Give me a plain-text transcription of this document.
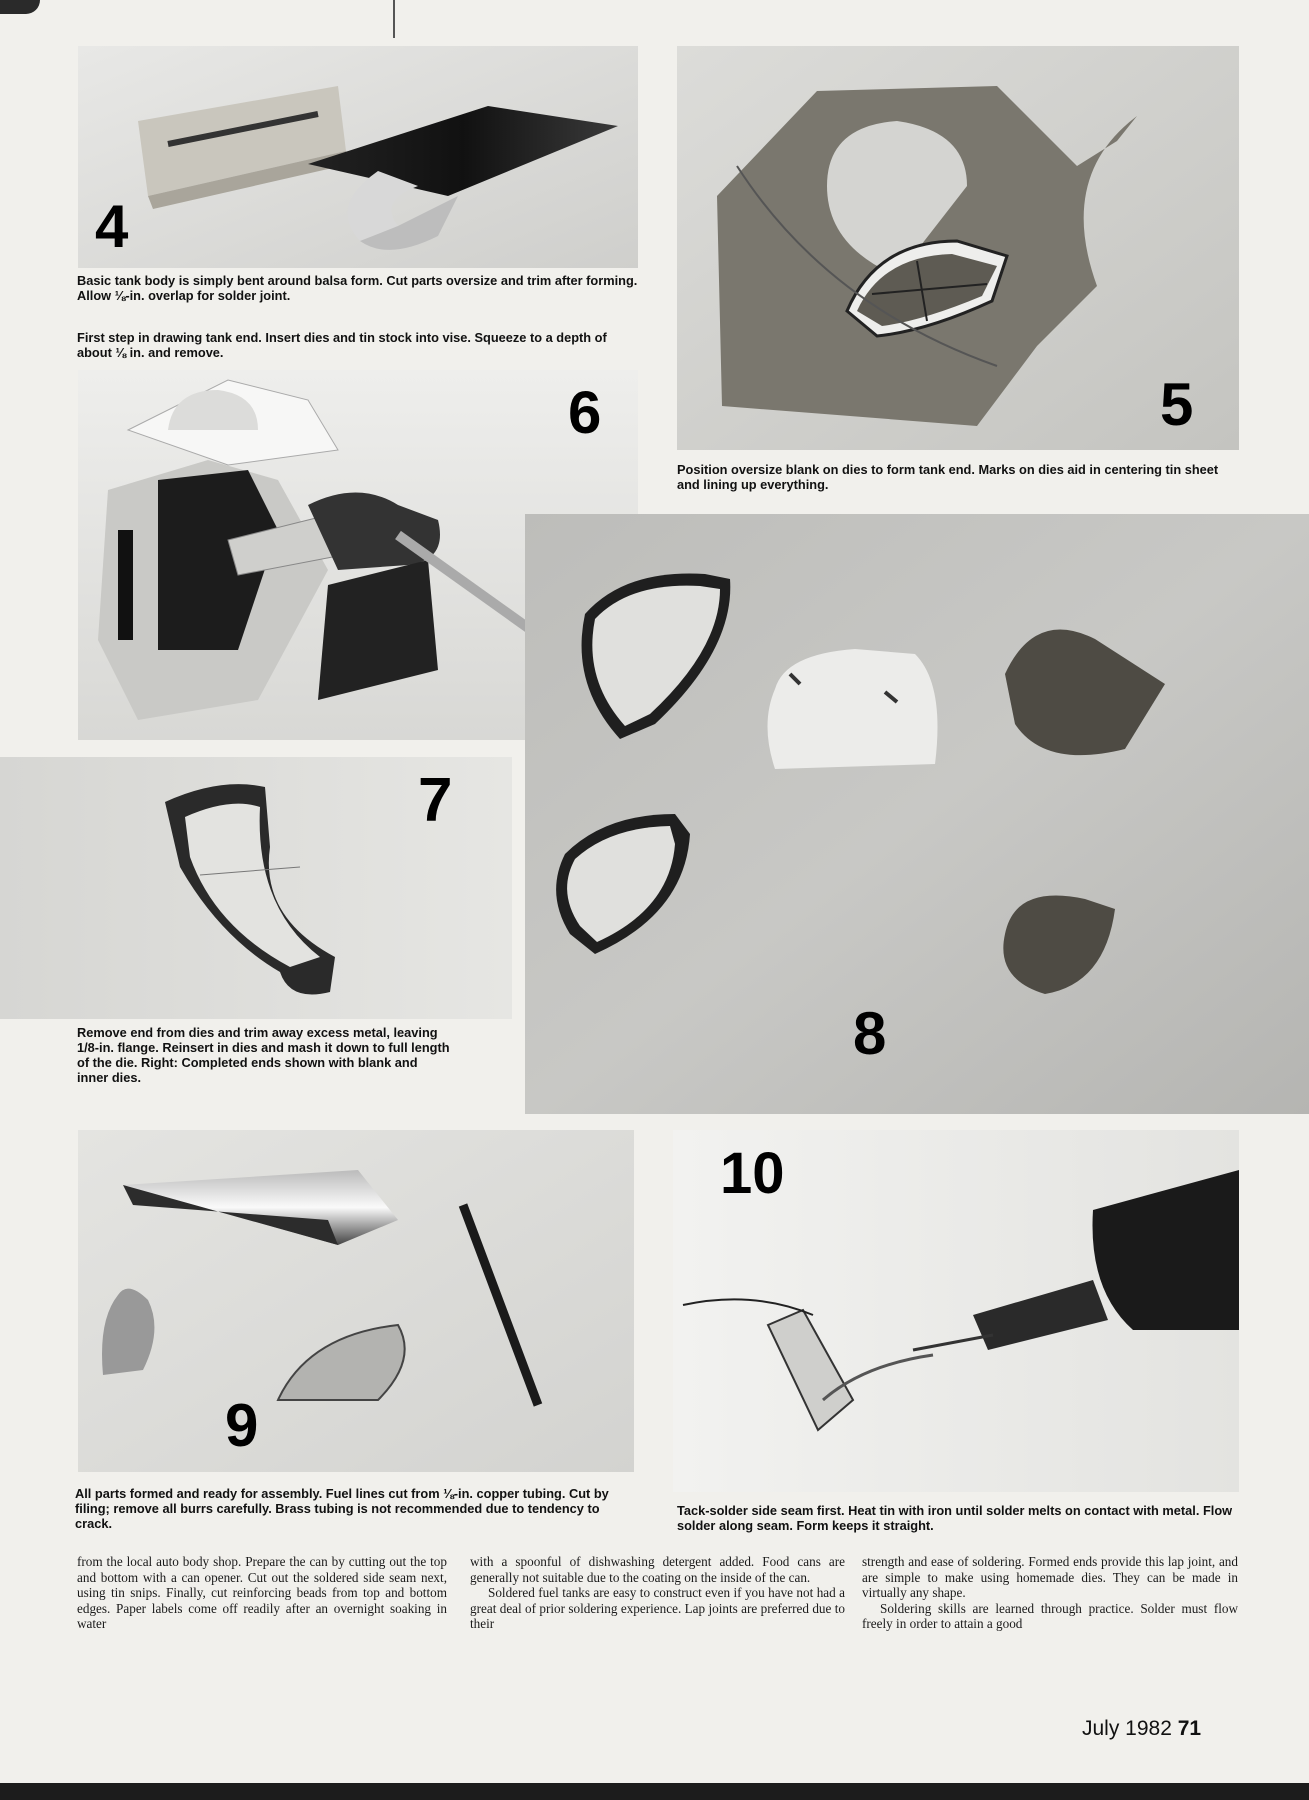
4

Basic tank body is simply bent around balsa form. Cut parts oversize and trim after forming. Allow ⅛-in. overlap for solder joint.

First step in drawing tank end. Insert dies and tin stock into vise. Squeeze to a depth of about ⅛ in. and remove.

5

Position oversize blank on dies to form tank end. Marks on dies aid in centering tin sheet and lining up everything.

6
7

Remove end from dies and trim away excess metal, leaving 1/8-in. flange. Reinsert in dies and mash it down to full length of the die. Right: Completed ends shown with blank and inner dies.

8
9

All parts formed and ready for assembly. Fuel lines cut from ⅛-in. copper tubing. Cut by filing; remove all burrs carefully. Brass tubing is not recommended due to tendency to crack.

10

Tack-solder side seam first. Heat tin with iron until solder melts on contact with metal. Flow solder along seam. Form keeps it straight.

from the local auto body shop. Prepare the can by cutting out the top and bottom with a can opener. Cut out the soldered side seam next, using tin snips. Finally, cut reinforcing beads from top and bottom edges. Paper labels come off readily after an overnight soaking in water

with a spoonful of dishwashing detergent added. Food cans are generally not suitable due to the coating on the inside of the can.
Soldered fuel tanks are easy to construct even if you have not had a great deal of prior soldering experience. Lap joints are preferred due to their
strength and ease of soldering. Formed ends provide this lap joint, and are simple to make using homemade dies. They can be made in virtually any shape.
Soldering skills are learned through practice. Solder must flow freely in order to attain a good
July 1982 71
